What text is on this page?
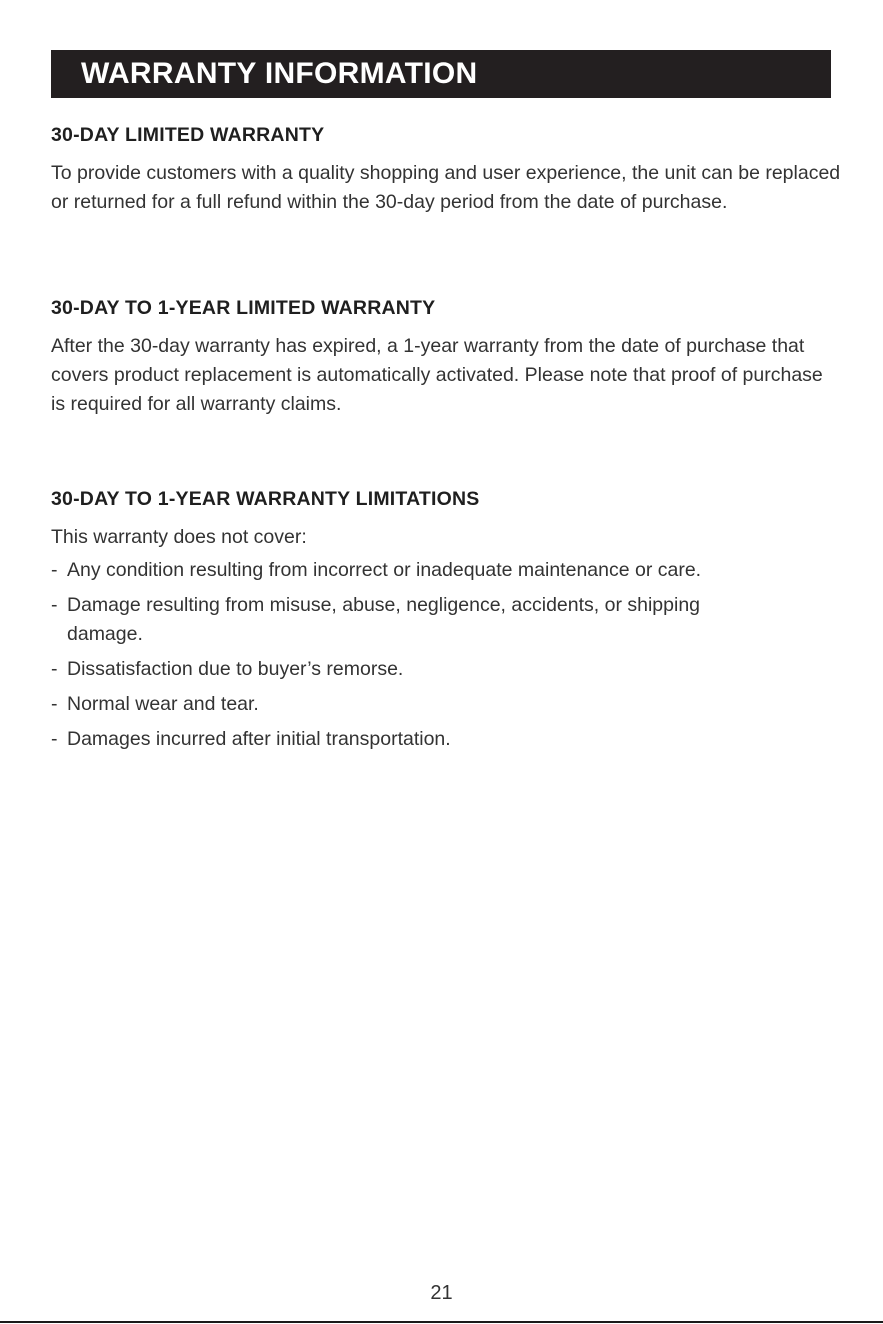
WARRANTY INFORMATION
30-DAY LIMITED WARRANTY

To provide customers with a quality shopping and user experience, the unit can be replaced or returned for a full refund within the 30-day period from the date of purchase.

30-DAY TO 1-YEAR LIMITED WARRANTY

After the 30-day warranty has expired, a 1-year warranty from the date of purchase that covers product replacement is automatically activated. Please note that proof of purchase is required for all warranty claims.

30-DAY TO 1-YEAR WARRANTY LIMITATIONS

This warranty does not cover:

- Any condition resulting from incorrect or inadequate maintenance or care.
- Damage resulting from misuse, abuse, negligence, accidents, or shipping damage.
- Dissatisfaction due to buyer’s remorse.
- Normal wear and tear.
- Damages incurred after initial transportation.
21
